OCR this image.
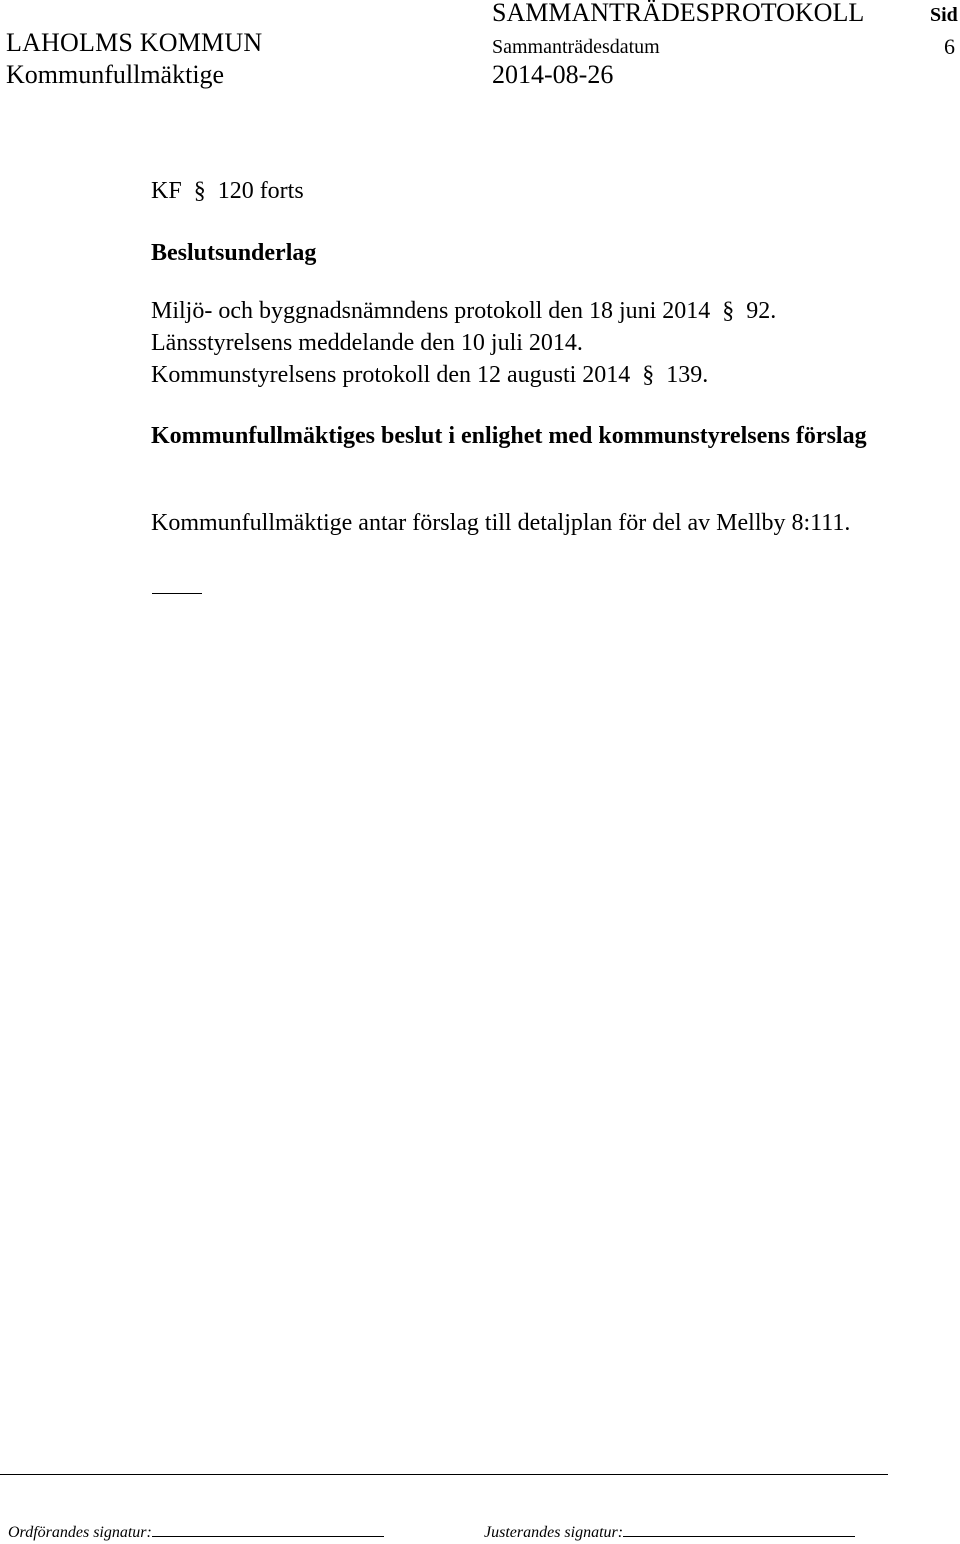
LAHOLMS KOMMUN
Kommunfullmäktige
SAMMANTRÄDESPROTOKOLL	Sid
Sammanträdesdatum	6
2014-08-26
KF § 120 forts
Beslutsunderlag
Miljö- och byggnadsnämndens protokoll den 18 juni 2014 § 92.
Länsstyrelsens meddelande den 10 juli 2014.
Kommunstyrelsens protokoll den 12 augusti 2014 § 139.
Kommunfullmäktiges beslut i enlighet med kommunstyrelsens förslag
Kommunfullmäktige antar förslag till detaljplan för del av Mellby 8:111.
Ordförandes signatur:	Justerandes signatur:
